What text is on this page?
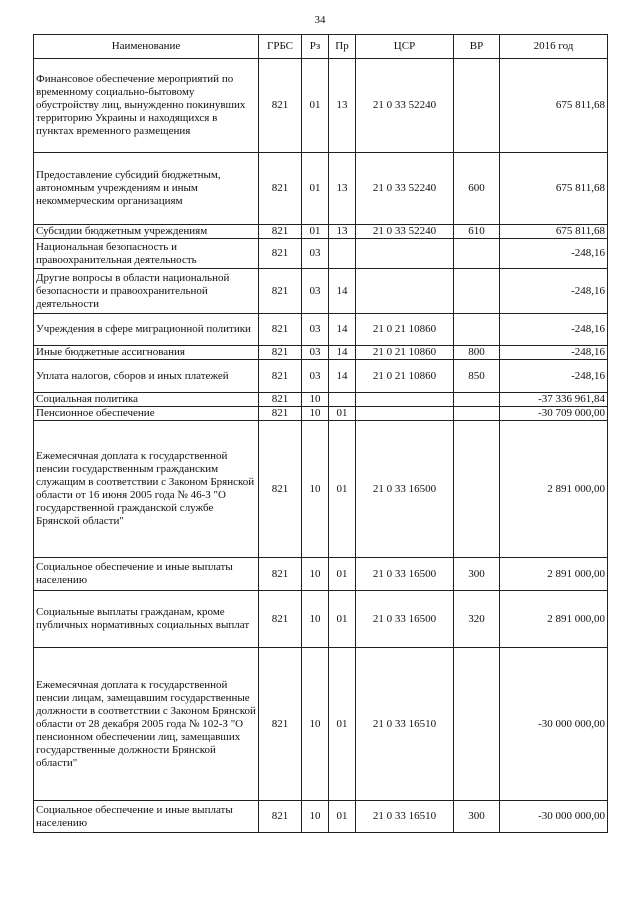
34
Наименование	ГРБС	Рз	Пр	ЦСР	ВР	2016 год
Финансовое обеспечение мероприятий по временному социально-бытовому обустройству лиц, вынужденно покинувших территорию Украины и находящихся в пунктах временного размещения	821	01	13	21 0 33 52240		675 811,68
Предоставление субсидий бюджетным, автономным учреждениям и иным некоммерческим организациям	821	01	13	21 0 33 52240	600	675 811,68
Субсидии бюджетным учреждениям	821	01	13	21 0 33 52240	610	675 811,68
Национальная безопасность и правоохранительная деятельность	821	03				-248,16
Другие вопросы в области национальной безопасности и правоохранительной деятельности	821	03	14			-248,16
Учреждения в сфере миграционной политики	821	03	14	21 0 21 10860		-248,16
Иные бюджетные ассигнования	821	03	14	21 0 21 10860	800	-248,16
Уплата налогов, сборов и иных платежей	821	03	14	21 0 21 10860	850	-248,16
Социальная политика	821	10				-37 336 961,84
Пенсионное обеспечение	821	10	01			-30 709 000,00
Ежемесячная доплата к государственной пенсии государственным гражданским служащим в соответствии с Законом Брянской области от 16 июня 2005 года № 46-З "О государственной гражданской службе Брянской области"	821	10	01	21 0 33 16500		2 891 000,00
Социальное обеспечение и иные выплаты населению	821	10	01	21 0 33 16500	300	2 891 000,00
Социальные выплаты гражданам, кроме публичных нормативных социальных выплат	821	10	01	21 0 33 16500	320	2 891 000,00
Ежемесячная доплата к государственной пенсии лицам, замещавшим государственные должности в соответствии с Законом Брянской области от 28 декабря 2005 года № 102-З "О пенсионном обеспечении лиц, замещавших государственные должности Брянской области"	821	10	01	21 0 33 16510		-30 000 000,00
Социальное обеспечение и иные выплаты населению	821	10	01	21 0 33 16510	300	-30 000 000,00
